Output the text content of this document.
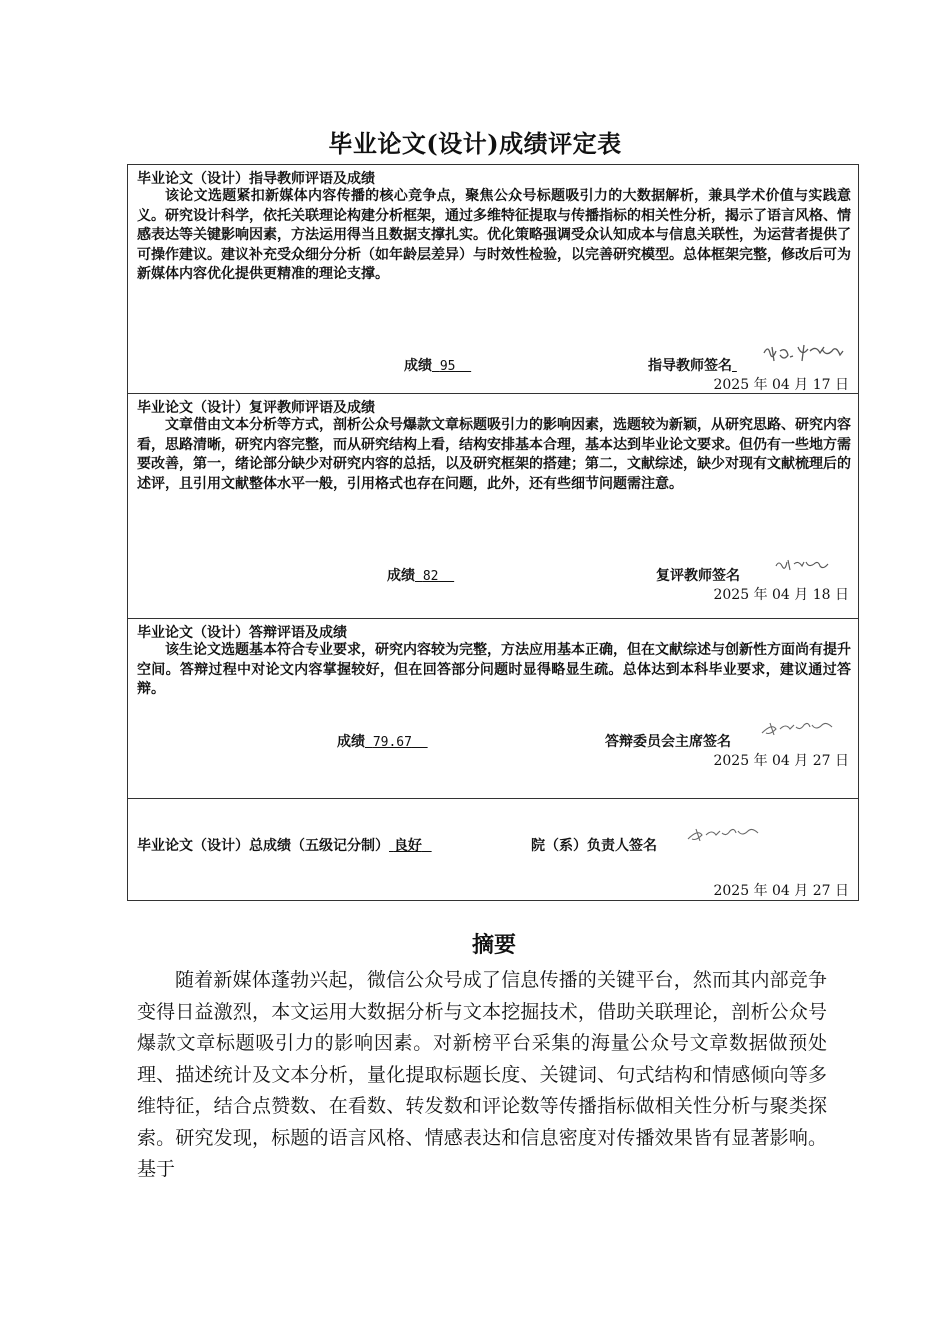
毕业论文(设计)成绩评定表
毕业论文（设计）指导教师评语及成绩
该论文选题紧扣新媒体内容传播的核心竞争点，聚焦公众号标题吸引力的大数据解析，兼具学术价值与实践意义。研究设计科学，依托关联理论构建分析框架，通过多维特征提取与传播指标的相关性分析，揭示了语言风格、情感表达等关键影响因素，方法运用得当且数据支撑扎实。优化策略强调受众认知成本与信息关联性，为运营者提供了可操作建议。建议补充受众细分分析（如年龄层差异）与时效性检验，以完善研究模型。总体框架完整，修改后可为新媒体内容优化提供更精准的理论支撑。
成绩 95	指导教师签名
2025 年 04 月 17 日
毕业论文（设计）复评教师评语及成绩
文章借由文本分析等方式，剖析公众号爆款文章标题吸引力的影响因素，选题较为新颖，从研究思路、研究内容看，思路清晰，研究内容完整，而从研究结构上看，结构安排基本合理，基本达到毕业论文要求。但仍有一些地方需要改善，第一，绪论部分缺少对研究内容的总括，以及研究框架的搭建；第二，文献综述，缺少对现有文献梳理后的述评，且引用文献整体水平一般，引用格式也存在问题，此外，还有些细节问题需注意。
成绩 82	复评教师签名
2025 年 04 月 18 日
毕业论文（设计）答辩评语及成绩
该生论文选题基本符合专业要求，研究内容较为完整，方法应用基本正确，但在文献综述与创新性方面尚有提升空间。答辩过程中对论文内容掌握较好，但在回答部分问题时显得略显生疏。总体达到本科毕业要求，建议通过答辩。
成绩 79.67	答辩委员会主席签名
2025 年 04 月 27 日
毕业论文（设计）总成绩（五级记分制） 良好	院（系）负责人签名
2025 年 04 月 27 日
摘要
随着新媒体蓬勃兴起，微信公众号成了信息传播的关键平台，然而其内部竞争变得日益激烈，本文运用大数据分析与文本挖掘技术，借助关联理论，剖析公众号爆款文章标题吸引力的影响因素。对新榜平台采集的海量公众号文章数据做预处理、描述统计及文本分析，量化提取标题长度、关键词、句式结构和情感倾向等多维特征，结合点赞数、在看数、转发数和评论数等传播指标做相关性分析与聚类探索。研究发现，标题的语言风格、情感表达和信息密度对传播效果皆有显著影响。基于
